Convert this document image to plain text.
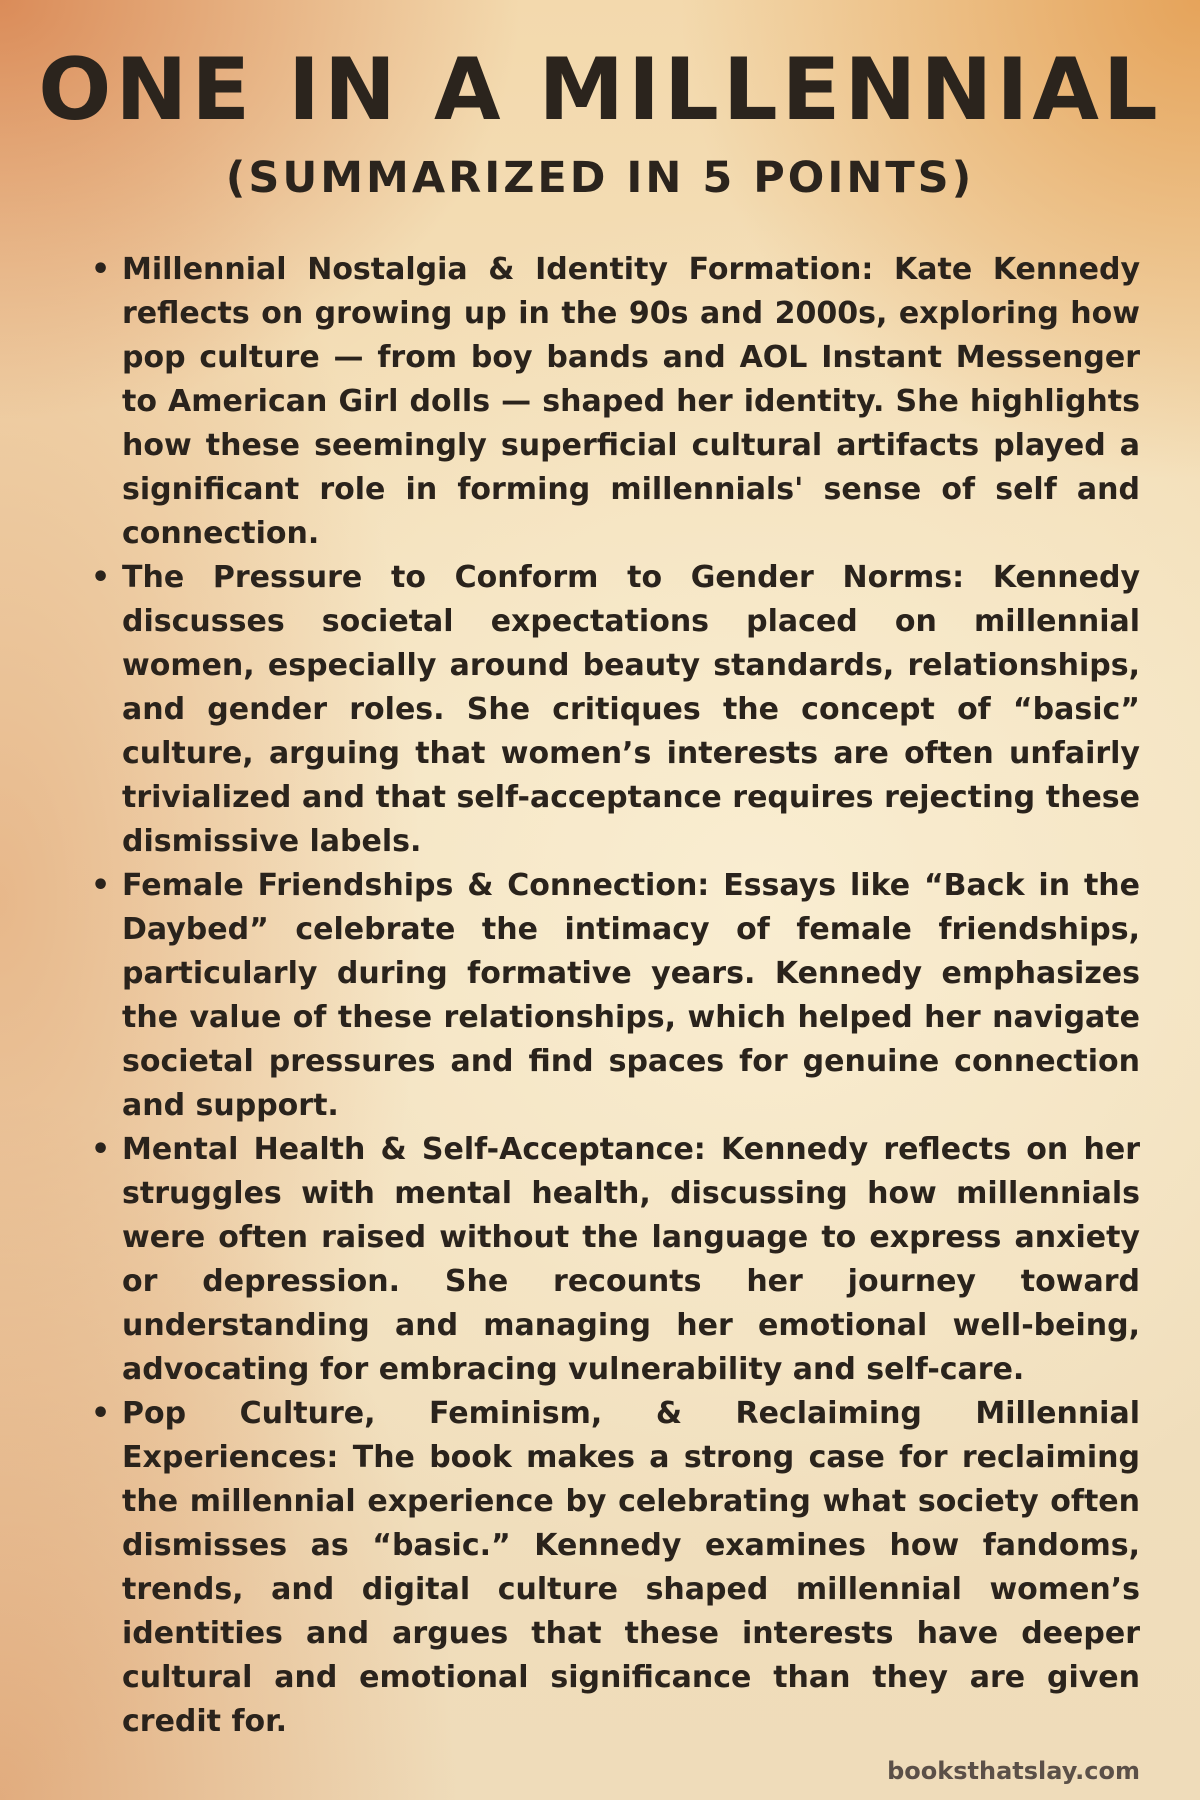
ONE IN A MILLENNIAL
(SUMMARIZED IN 5 POINTS)
• Millennial Nostalgia & Identity Formation: Kate Kennedy reflects on growing up in the 90s and 2000s, exploring how pop culture — from boy bands and AOL Instant Messenger to American Girl dolls — shaped her identity. She highlights how these seemingly superficial cultural artifacts played a significant role in forming millennials' sense of self and connection.
• The Pressure to Conform to Gender Norms: Kennedy discusses societal expectations placed on millennial women, especially around beauty standards, relationships, and gender roles. She critiques the concept of “basic” culture, arguing that women’s interests are often unfairly trivialized and that self-acceptance requires rejecting these dismissive labels.
• Female Friendships & Connection: Essays like “Back in the Daybed” celebrate the intimacy of female friendships, particularly during formative years. Kennedy emphasizes the value of these relationships, which helped her navigate societal pressures and find spaces for genuine connection and support.
• Mental Health & Self-Acceptance: Kennedy reflects on her struggles with mental health, discussing how millennials were often raised without the language to express anxiety or depression. She recounts her journey toward understanding and managing her emotional well-being, advocating for embracing vulnerability and self-care.
• Pop Culture, Feminism, & Reclaiming Millennial Experiences: The book makes a strong case for reclaiming the millennial experience by celebrating what society often dismisses as “basic.” Kennedy examines how fandoms, trends, and digital culture shaped millennial women’s identities and argues that these interests have deeper cultural and emotional significance than they are given credit for.
booksthatslay.com
